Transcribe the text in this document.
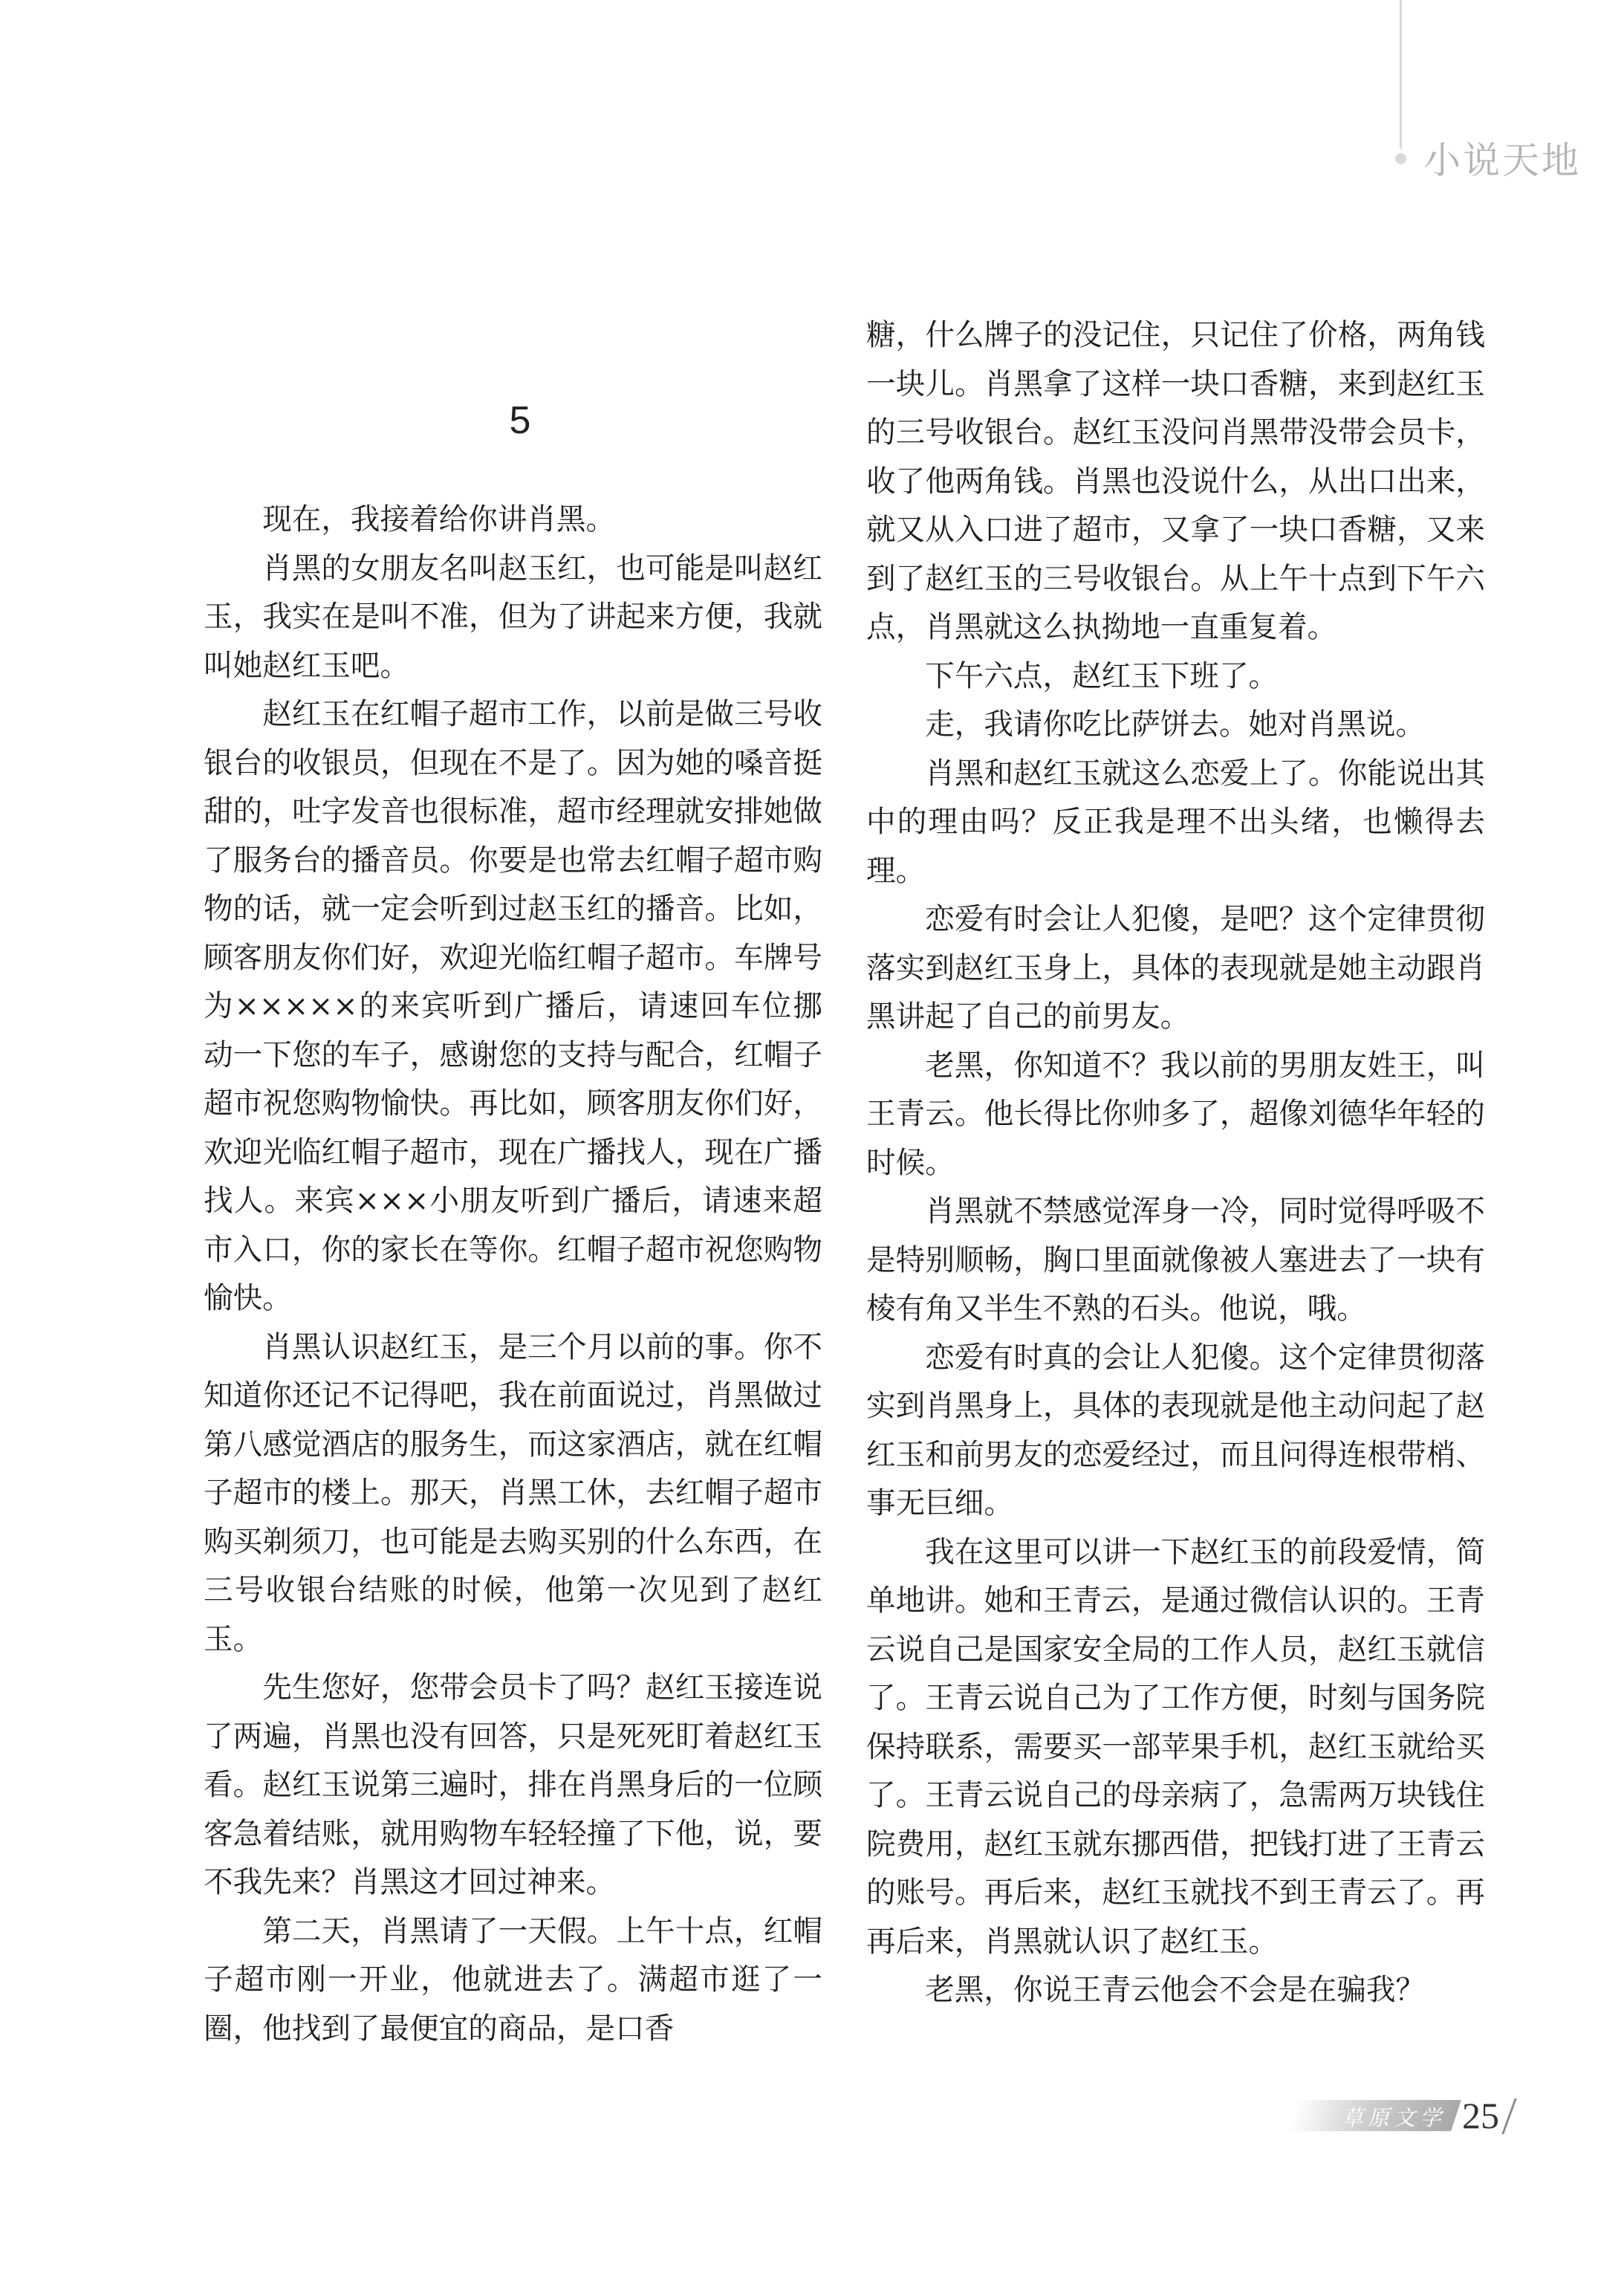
小说天地
5

现在，我接着给你讲肖黑。

肖黑的女朋友名叫赵玉红，也可能是叫赵红玉，我实在是叫不准，但为了讲起来方便，我就叫她赵红玉吧。

赵红玉在红帽子超市工作，以前是做三号收银台的收银员，但现在不是了。因为她的嗓音挺甜的，吐字发音也很标准，超市经理就安排她做了服务台的播音员。你要是也常去红帽子超市购物的话，就一定会听到过赵玉红的播音。比如，顾客朋友你们好，欢迎光临红帽子超市。车牌号为×××××的来宾听到广播后，请速回车位挪动一下您的车子，感谢您的支持与配合，红帽子超市祝您购物愉快。再比如，顾客朋友你们好，欢迎光临红帽子超市，现在广播找人，现在广播找人。来宾×××小朋友听到广播后，请速来超市入口，你的家长在等你。红帽子超市祝您购物愉快。

肖黑认识赵红玉，是三个月以前的事。你不知道你还记不记得吧，我在前面说过，肖黑做过第八感觉酒店的服务生，而这家酒店，就在红帽子超市的楼上。那天，肖黑工休，去红帽子超市购买剃须刀，也可能是去购买别的什么东西，在三号收银台结账的时候，他第一次见到了赵红玉。

先生您好，您带会员卡了吗？赵红玉接连说了两遍，肖黑也没有回答，只是死死盯着赵红玉看。赵红玉说第三遍时，排在肖黑身后的一位顾客急着结账，就用购物车轻轻撞了下他，说，要不我先来？肖黑这才回过神来。

第二天，肖黑请了一天假。上午十点，红帽子超市刚一开业，他就进去了。满超市逛了一圈，他找到了最便宜的商品，是口香

糖，什么牌子的没记住，只记住了价格，两角钱一块儿。肖黑拿了这样一块口香糖，来到赵红玉的三号收银台。赵红玉没问肖黑带没带会员卡，收了他两角钱。肖黑也没说什么，从出口出来，就又从入口进了超市，又拿了一块口香糖，又来到了赵红玉的三号收银台。从上午十点到下午六点，肖黑就这么执拗地一直重复着。

下午六点，赵红玉下班了。

走，我请你吃比萨饼去。她对肖黑说。

肖黑和赵红玉就这么恋爱上了。你能说出其中的理由吗？反正我是理不出头绪，也懒得去理。

恋爱有时会让人犯傻，是吧？这个定律贯彻落实到赵红玉身上，具体的表现就是她主动跟肖黑讲起了自己的前男友。

老黑，你知道不？我以前的男朋友姓王，叫王青云。他长得比你帅多了，超像刘德华年轻的时候。

肖黑就不禁感觉浑身一冷，同时觉得呼吸不是特别顺畅，胸口里面就像被人塞进去了一块有棱有角又半生不熟的石头。他说，哦。

恋爱有时真的会让人犯傻。这个定律贯彻落实到肖黑身上，具体的表现就是他主动问起了赵红玉和前男友的恋爱经过，而且问得连根带梢、事无巨细。

我在这里可以讲一下赵红玉的前段爱情，简单地讲。她和王青云，是通过微信认识的。王青云说自己是国家安全局的工作人员，赵红玉就信了。王青云说自己为了工作方便，时刻与国务院保持联系，需要买一部苹果手机，赵红玉就给买了。王青云说自己的母亲病了，急需两万块钱住院费用，赵红玉就东挪西借，把钱打进了王青云的账号。再后来，赵红玉就找不到王青云了。再再后来，肖黑就认识了赵红玉。

老黑，你说王青云他会不会是在骗我？

草原文学 25
